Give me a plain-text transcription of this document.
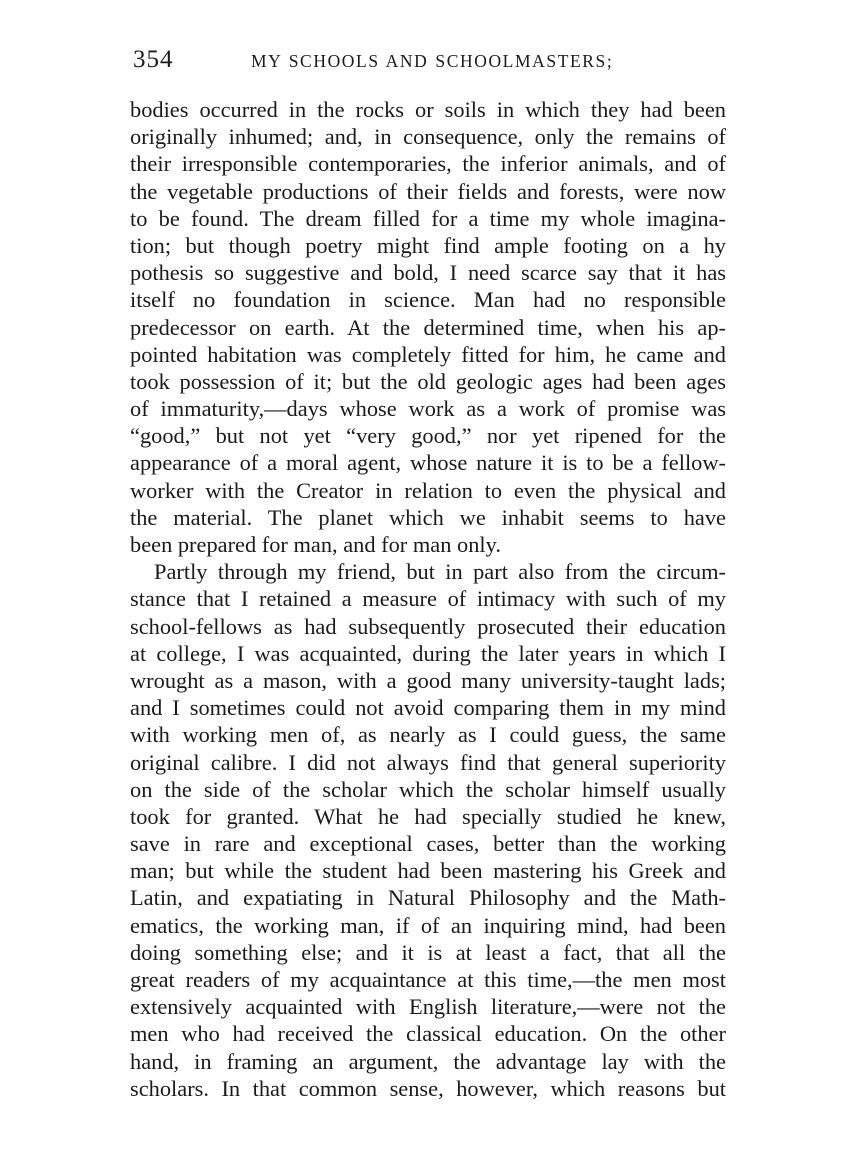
354	MY SCHOOLS AND SCHOOLMASTERS;
bodies occurred in the rocks or soils in which they had been
originally inhumed; and, in consequence, only the remains of
their irresponsible contemporaries, the inferior animals, and of
the vegetable productions of their fields and forests, were now
to be found. The dream filled for a time my whole imagina-
tion; but though poetry might find ample footing on a hy
pothesis so suggestive and bold, I need scarce say that it has
itself no foundation in science. Man had no responsible
predecessor on earth. At the determined time, when his ap-
pointed habitation was completely fitted for him, he came and
took possession of it; but the old geologic ages had been ages
of immaturity,—days whose work as a work of promise was
“good,” but not yet “very good,” nor yet ripened for the
appearance of a moral agent, whose nature it is to be a fellow-
worker with the Creator in relation to even the physical and
the material. The planet which we inhabit seems to have
been prepared for man, and for man only.
Partly through my friend, but in part also from the circum-
stance that I retained a measure of intimacy with such of my
school-fellows as had subsequently prosecuted their education
at college, I was acquainted, during the later years in which I
wrought as a mason, with a good many university-taught lads;
and I sometimes could not avoid comparing them in my mind
with working men of, as nearly as I could guess, the same
original calibre. I did not always find that general superiority
on the side of the scholar which the scholar himself usually
took for granted. What he had specially studied he knew,
save in rare and exceptional cases, better than the working
man; but while the student had been mastering his Greek and
Latin, and expatiating in Natural Philosophy and the Math-
ematics, the working man, if of an inquiring mind, had been
doing something else; and it is at least a fact, that all the
great readers of my acquaintance at this time,—the men most
extensively acquainted with English literature,—were not the
men who had received the classical education. On the other
hand, in framing an argument, the advantage lay with the
scholars. In that common sense, however, which reasons but
